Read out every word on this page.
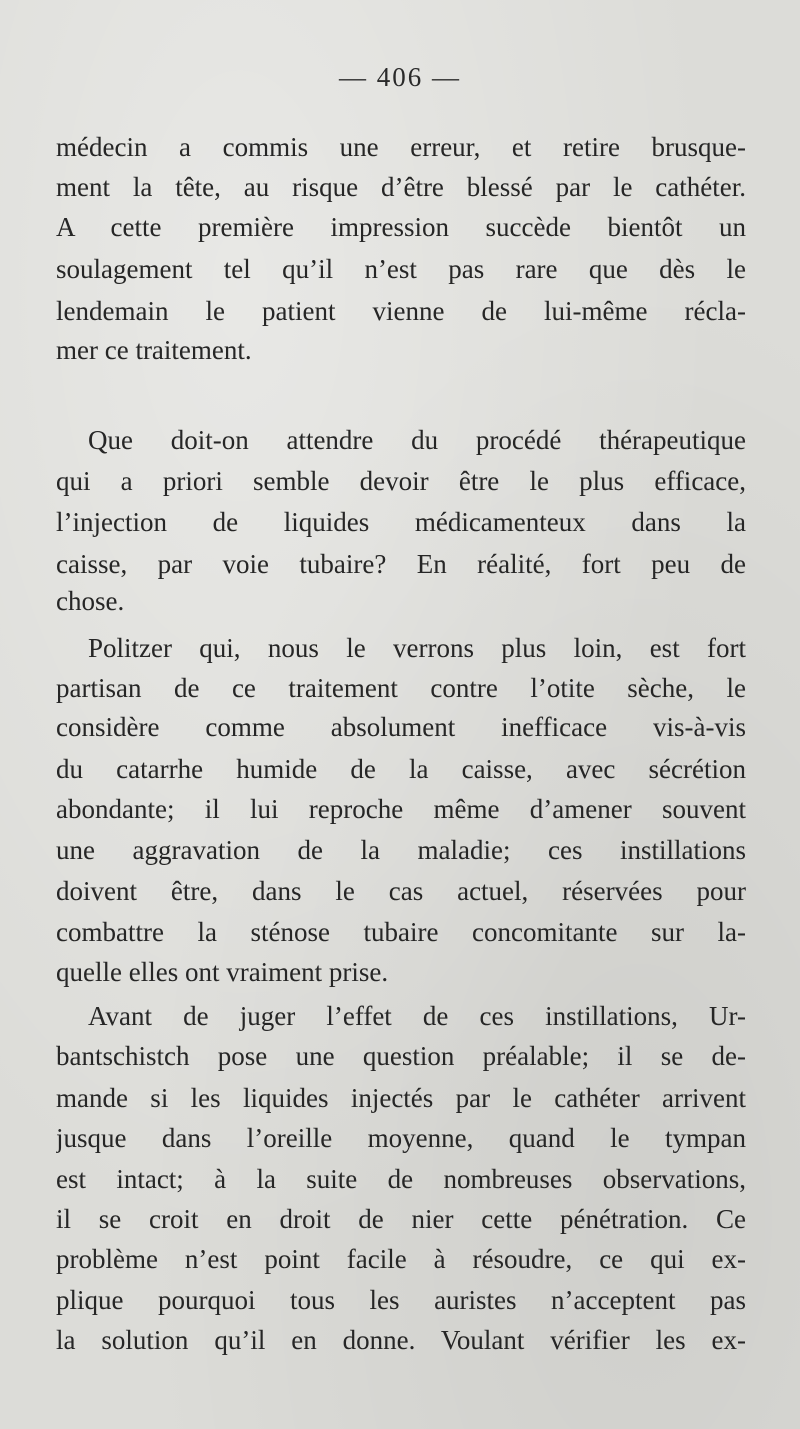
— 406 —
médecin a commis une erreur, et retire brusque-
ment la tête, au risque d’être blessé par le cathéter.
A cette première impression succède bientôt un
soulagement tel qu’il n’est pas rare que dès le
lendemain le patient vienne de lui-même récla-
mer ce traitement.
Que doit-on attendre du procédé thérapeutique
qui a priori semble devoir être le plus efficace,
l’injection de liquides médicamenteux dans la
caisse, par voie tubaire? En réalité, fort peu de
chose.
Politzer qui, nous le verrons plus loin, est fort
partisan de ce traitement contre l’otite sèche, le
considère comme absolument inefficace vis-à-vis
du catarrhe humide de la caisse, avec sécrétion
abondante; il lui reproche même d’amener souvent
une aggravation de la maladie; ces instillations
doivent être, dans le cas actuel, réservées pour
combattre la sténose tubaire concomitante sur la-
quelle elles ont vraiment prise.
Avant de juger l’effet de ces instillations, Ur-
bantschistch pose une question préalable; il se de-
mande si les liquides injectés par le cathéter arrivent
jusque dans l’oreille moyenne, quand le tympan
est intact; à la suite de nombreuses observations,
il se croit en droit de nier cette pénétration. Ce
problème n’est point facile à résoudre, ce qui ex-
plique pourquoi tous les auristes n’acceptent pas
la solution qu’il en donne. Voulant vérifier les ex-
